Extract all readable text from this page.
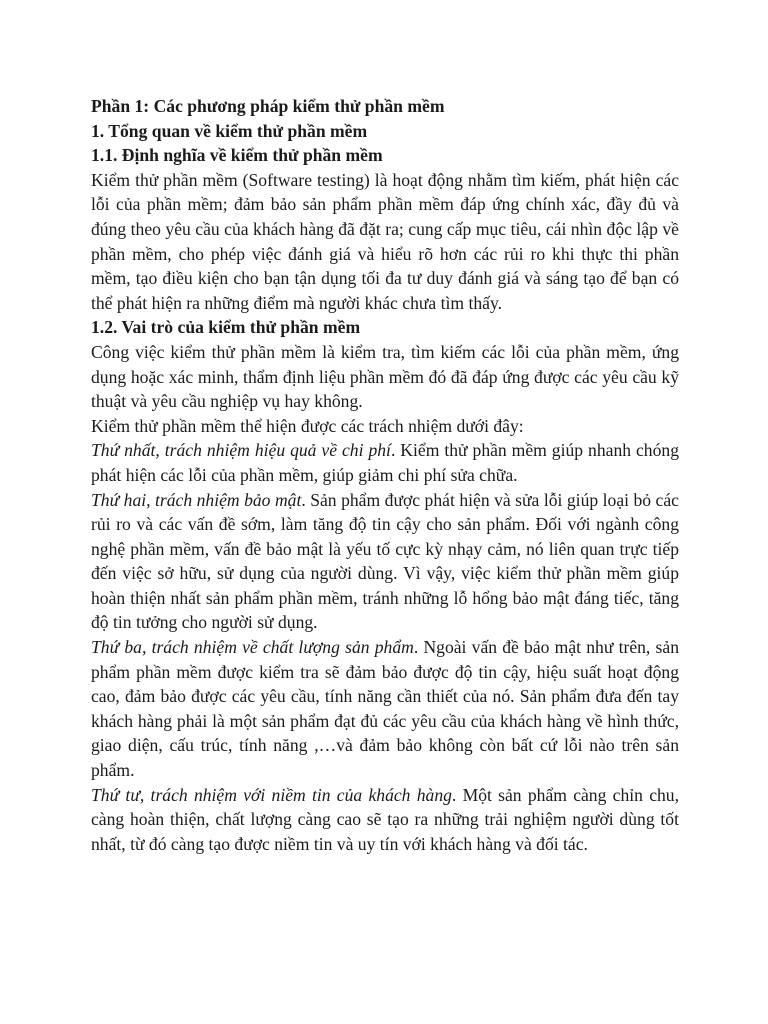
Phần 1: Các phương pháp kiểm thử phần mềm

1. Tổng quan về kiểm thử phần mềm

1.1. Định nghĩa về kiểm thử phần mềm

Kiểm thử phần mềm (Software testing) là hoạt động nhằm tìm kiếm, phát hiện các lỗi của phần mềm; đảm bảo sản phẩm phần mềm đáp ứng chính xác, đầy đủ và đúng theo yêu cầu của khách hàng đã đặt ra; cung cấp mục tiêu, cái nhìn độc lập về phần mềm, cho phép việc đánh giá và hiểu rõ hơn các rủi ro khi thực thi phần mềm, tạo điều kiện cho bạn tận dụng tối đa tư duy đánh giá và sáng tạo để bạn có thể phát hiện ra những điểm mà người khác chưa tìm thấy.

1.2. Vai trò của kiểm thử phần mềm

Công việc kiểm thử phần mềm là kiểm tra, tìm kiếm các lỗi của phần mềm, ứng dụng hoặc xác minh, thẩm định liệu phần mềm đó đã đáp ứng được các yêu cầu kỹ thuật và yêu cầu nghiệp vụ hay không.

Kiểm thử phần mềm thể hiện được các trách nhiệm dưới đây:

Thứ nhất, trách nhiệm hiệu quả về chi phí. Kiểm thử phần mềm giúp nhanh chóng phát hiện các lỗi của phần mềm, giúp giảm chi phí sửa chữa.

Thứ hai, trách nhiệm bảo mật. Sản phẩm được phát hiện và sửa lỗi giúp loại bỏ các rủi ro và các vấn đề sớm, làm tăng độ tin cậy cho sản phẩm. Đối với ngành công nghệ phần mềm, vấn đề bảo mật là yếu tố cực kỳ nhạy cảm, nó liên quan trực tiếp đến việc sở hữu, sử dụng của người dùng. Vì vậy, việc kiểm thử phần mềm giúp hoàn thiện nhất sản phẩm phần mềm, tránh những lỗ hổng bảo mật đáng tiếc, tăng độ tin tưởng cho người sử dụng.

Thứ ba, trách nhiệm về chất lượng sản phẩm. Ngoài vấn đề bảo mật như trên, sản phẩm phần mềm được kiểm tra sẽ đảm bảo được độ tin cậy, hiệu suất hoạt động cao, đảm bảo được các yêu cầu, tính năng cần thiết của nó. Sản phẩm đưa đến tay khách hàng phải là một sản phẩm đạt đủ các yêu cầu của khách hàng về hình thức, giao diện, cấu trúc, tính năng ,…và đảm bảo không còn bất cứ lỗi nào trên sản phẩm.

Thứ tư, trách nhiệm với niềm tin của khách hàng. Một sản phẩm càng chỉn chu, càng hoàn thiện, chất lượng càng cao sẽ tạo ra những trải nghiệm người dùng tốt nhất, từ đó càng tạo được niềm tin và uy tín với khách hàng và đối tác.
